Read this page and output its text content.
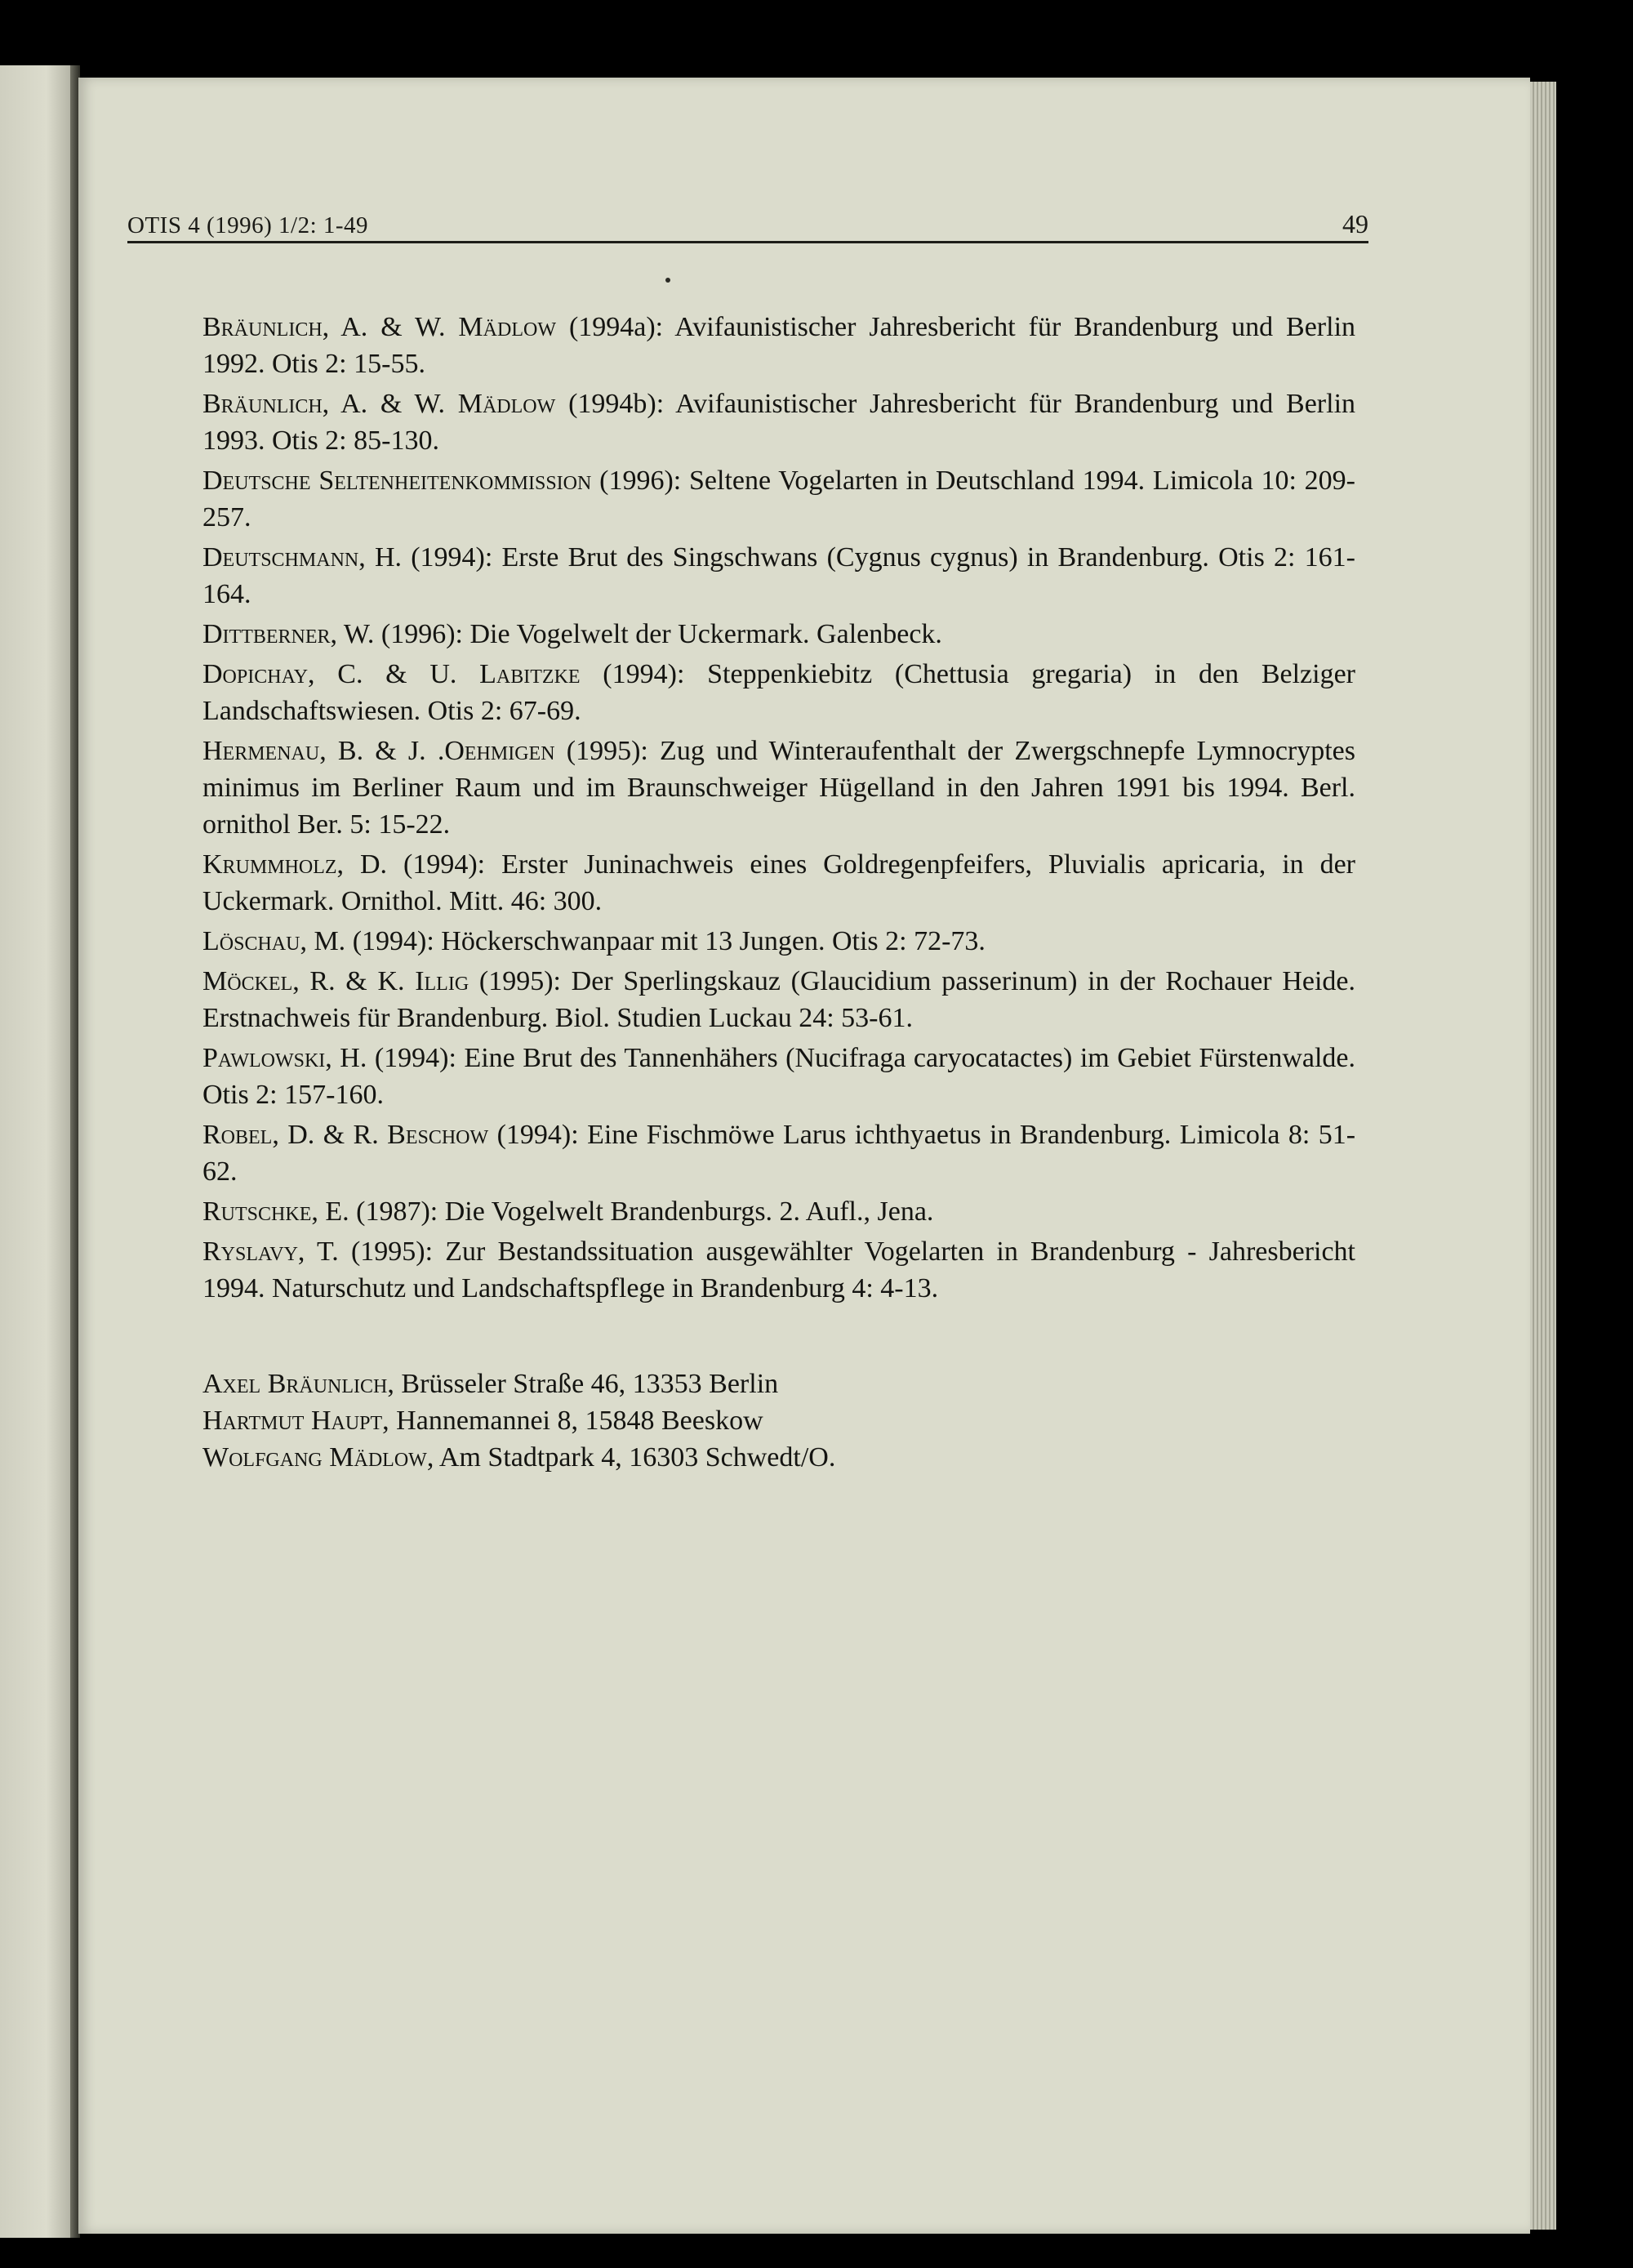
OTIS 4 (1996) 1/2: 1-49	49

Bräunlich, A. & W. Mädlow (1994a): Avifaunistischer Jahresbericht für Brandenburg und Berlin 1992. Otis 2: 15-55.

Bräunlich, A. & W. Mädlow (1994b): Avifaunistischer Jahresbericht für Brandenburg und Berlin 1993. Otis 2: 85-130.

Deutsche Seltenheitenkommission (1996): Seltene Vogelarten in Deutschland 1994. Limicola 10: 209-257.

Deutschmann, H. (1994): Erste Brut des Singschwans (Cygnus cygnus) in Brandenburg. Otis 2: 161-164.

Dittberner, W. (1996): Die Vogelwelt der Uckermark. Galenbeck.

Dopichay, C. & U. Labitzke (1994): Steppenkiebitz (Chettusia gregaria) in den Belziger Landschaftswiesen. Otis 2: 67-69.

Hermenau, B. & J. .Oehmigen (1995): Zug und Winteraufenthalt der Zwergschnepfe Lymnocryptes minimus im Berliner Raum und im Braunschweiger Hügelland in den Jahren 1991 bis 1994. Berl. ornithol Ber. 5: 15-22.

Krummholz, D. (1994): Erster Juninachweis eines Goldregenpfeifers, Pluvialis apricaria, in der Uckermark. Ornithol. Mitt. 46: 300.

Löschau, M. (1994): Höckerschwanpaar mit 13 Jungen. Otis 2: 72-73.

Möckel, R. & K. Illig (1995): Der Sperlingskauz (Glaucidium passerinum) in der Rochauer Heide. Erstnachweis für Brandenburg. Biol. Studien Luckau 24: 53-61.

Pawlowski, H. (1994): Eine Brut des Tannenhähers (Nucifraga caryocatactes) im Gebiet Fürstenwalde. Otis 2: 157-160.

Robel, D. & R. Beschow (1994): Eine Fischmöwe Larus ichthyaetus in Brandenburg. Limicola 8: 51-62.

Rutschke, E. (1987): Die Vogelwelt Brandenburgs. 2. Aufl., Jena.

Ryslavy, T. (1995): Zur Bestandssituation ausgewählter Vogelarten in Brandenburg - Jahresbericht 1994. Naturschutz und Landschaftspflege in Brandenburg 4: 4-13.

Axel Bräunlich, Brüsseler Straße 46, 13353 Berlin

Hartmut Haupt, Hannemannei 8, 15848 Beeskow

Wolfgang Mädlow, Am Stadtpark 4, 16303 Schwedt/O.
